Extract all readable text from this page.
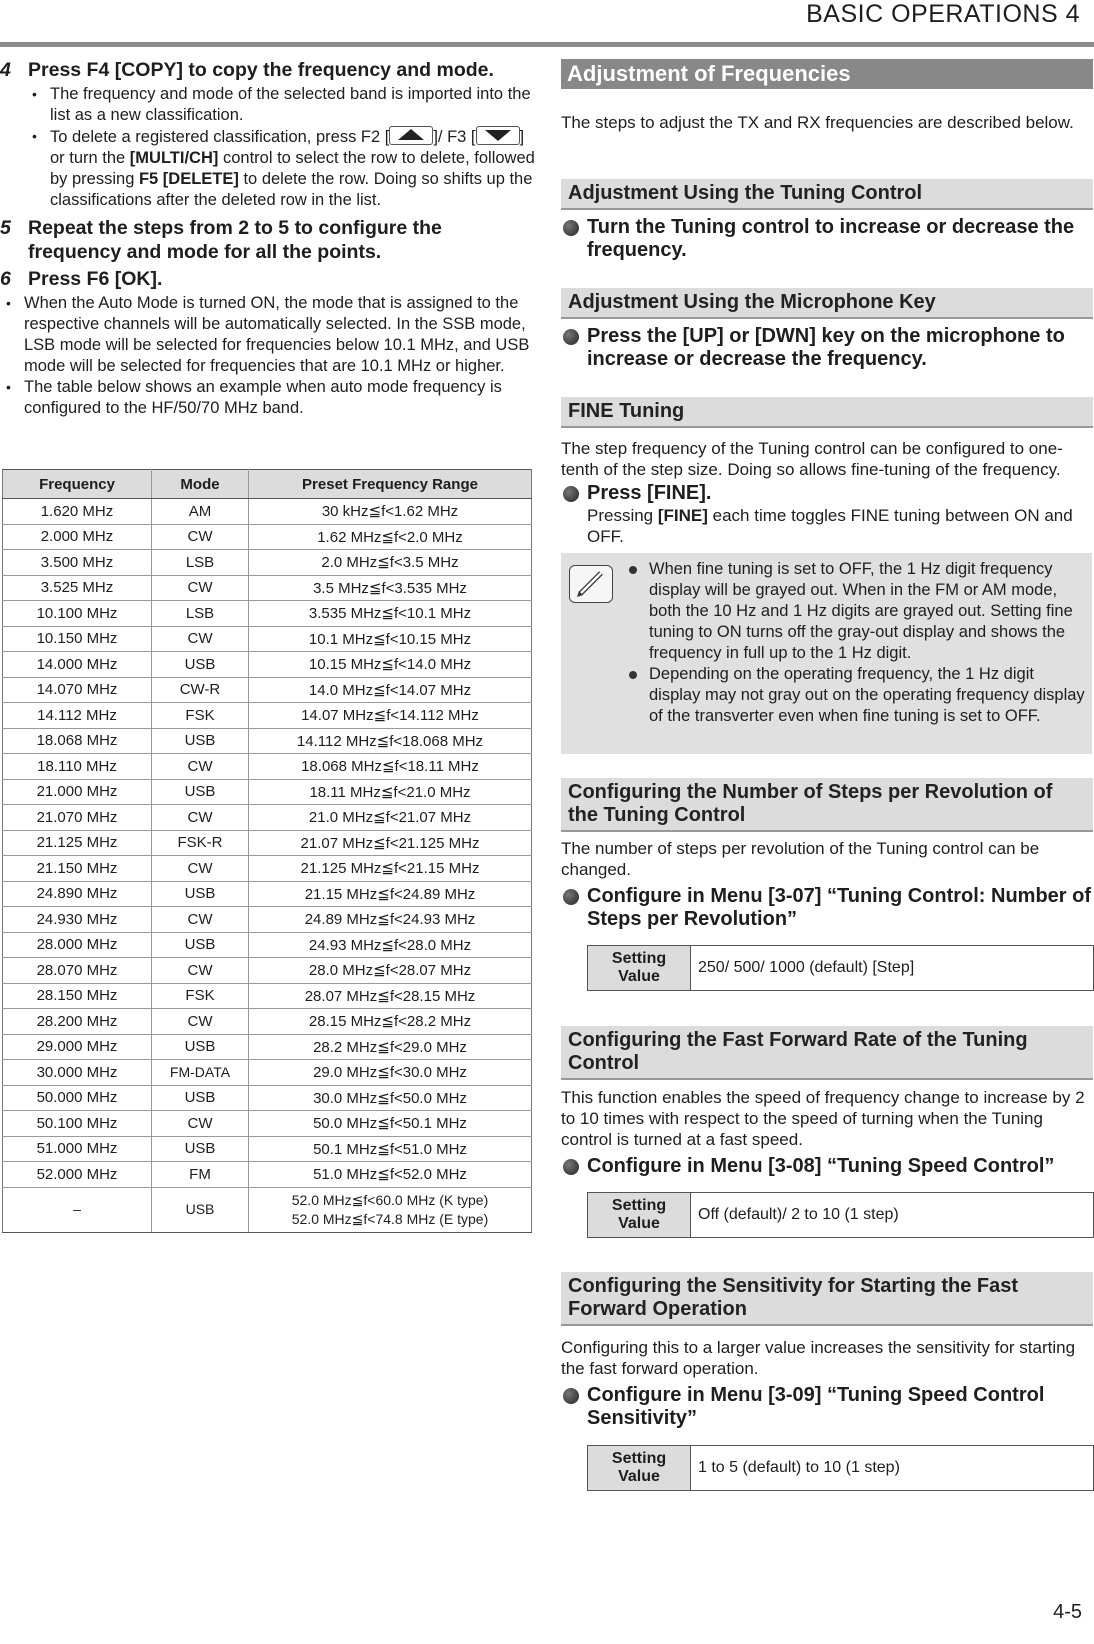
BASIC OPERATIONS 4
4 Press F4 [COPY] to copy the frequency and mode.
• The frequency and mode of the selected band is imported into the list as a new classification.
• To delete a registered classification, press F2 [	]/ F3 [	] or turn the [MULTI/CH] control to select the row to delete, followed by pressing F5 [DELETE] to delete the row. Doing so shifts up the classifications after the deleted row in the list.
5 Repeat the steps from 2 to 5 to configure the frequency and mode for all the points.
6 Press F6 [OK].
• When the Auto Mode is turned ON, the mode that is assigned to the respective channels will be automatically selected. In the SSB mode, LSB mode will be selected for frequencies below 10.1 MHz, and USB mode will be selected for frequencies that are 10.1 MHz or higher.
• The table below shows an example when auto mode frequency is configured to the HF/50/70 MHz band.
Frequency	Mode	Preset Frequency Range
1.620 MHz	AM	30 kHz≦f<1.62 MHz
2.000 MHz	CW	1.62 MHz≦f<2.0 MHz
3.500 MHz	LSB	2.0 MHz≦f<3.5 MHz
3.525 MHz	CW	3.5 MHz≦f<3.535 MHz
10.100 MHz	LSB	3.535 MHz≦f<10.1 MHz
10.150 MHz	CW	10.1 MHz≦f<10.15 MHz
14.000 MHz	USB	10.15 MHz≦f<14.0 MHz
14.070 MHz	CW-R	14.0 MHz≦f<14.07 MHz
14.112 MHz	FSK	14.07 MHz≦f<14.112 MHz
18.068 MHz	USB	14.112 MHz≦f<18.068 MHz
18.110 MHz	CW	18.068 MHz≦f<18.11 MHz
21.000 MHz	USB	18.11 MHz≦f<21.0 MHz
21.070 MHz	CW	21.0 MHz≦f<21.07 MHz
21.125 MHz	FSK-R	21.07 MHz≦f<21.125 MHz
21.150 MHz	CW	21.125 MHz≦f<21.15 MHz
24.890 MHz	USB	21.15 MHz≦f<24.89 MHz
24.930 MHz	CW	24.89 MHz≦f<24.93 MHz
28.000 MHz	USB	24.93 MHz≦f<28.0 MHz
28.070 MHz	CW	28.0 MHz≦f<28.07 MHz
28.150 MHz	FSK	28.07 MHz≦f<28.15 MHz
28.200 MHz	CW	28.15 MHz≦f<28.2 MHz
29.000 MHz	USB	28.2 MHz≦f<29.0 MHz
30.000 MHz	FM-DATA	29.0 MHz≦f<30.0 MHz
50.000 MHz	USB	30.0 MHz≦f<50.0 MHz
50.100 MHz	CW	50.0 MHz≦f<50.1 MHz
51.000 MHz	USB	50.1 MHz≦f<51.0 MHz
52.000 MHz	FM	51.0 MHz≦f<52.0 MHz
–	USB	52.0 MHz≦f<60.0 MHz (K type)
52.0 MHz≦f<74.8 MHz (E type)
Adjustment of Frequencies
The steps to adjust the TX and RX frequencies are described below.
Adjustment Using the Tuning Control
Turn the Tuning control to increase or decrease the frequency.
Adjustment Using the Microphone Key
Press the [UP] or [DWN] key on the microphone to increase or decrease the frequency.
FINE Tuning
The step frequency of the Tuning control can be configured to one-tenth of the step size. Doing so allows fine-tuning of the frequency.
Press [FINE].
Pressing [FINE] each time toggles FINE tuning between ON and OFF.
When fine tuning is set to OFF, the 1 Hz digit frequency display will be grayed out. When in the FM or AM mode, both the 10 Hz and 1 Hz digits are grayed out. Setting fine tuning to ON turns off the gray-out display and shows the frequency in full up to the 1 Hz digit.
Depending on the operating frequency, the 1 Hz digit display may not gray out on the operating frequency display of the transverter even when fine tuning is set to OFF.
Configuring the Number of Steps per Revolution of the Tuning Control
The number of steps per revolution of the Tuning control can be changed.
Configure in Menu [3-07] “Tuning Control: Number of Steps per Revolution”
Setting Value	250/ 500/ 1000 (default) [Step]
Configuring the Fast Forward Rate of the Tuning Control
This function enables the speed of frequency change to increase by 2 to 10 times with respect to the speed of turning when the Tuning control is turned at a fast speed.
Configure in Menu [3-08] “Tuning Speed Control”
Setting Value	Off (default)/ 2 to 10 (1 step)
Configuring the Sensitivity for Starting the Fast Forward Operation
Configuring this to a larger value increases the sensitivity for starting the fast forward operation.
Configure in Menu [3-09] “Tuning Speed Control Sensitivity”
Setting Value	1 to 5 (default) to 10 (1 step)
4-5
